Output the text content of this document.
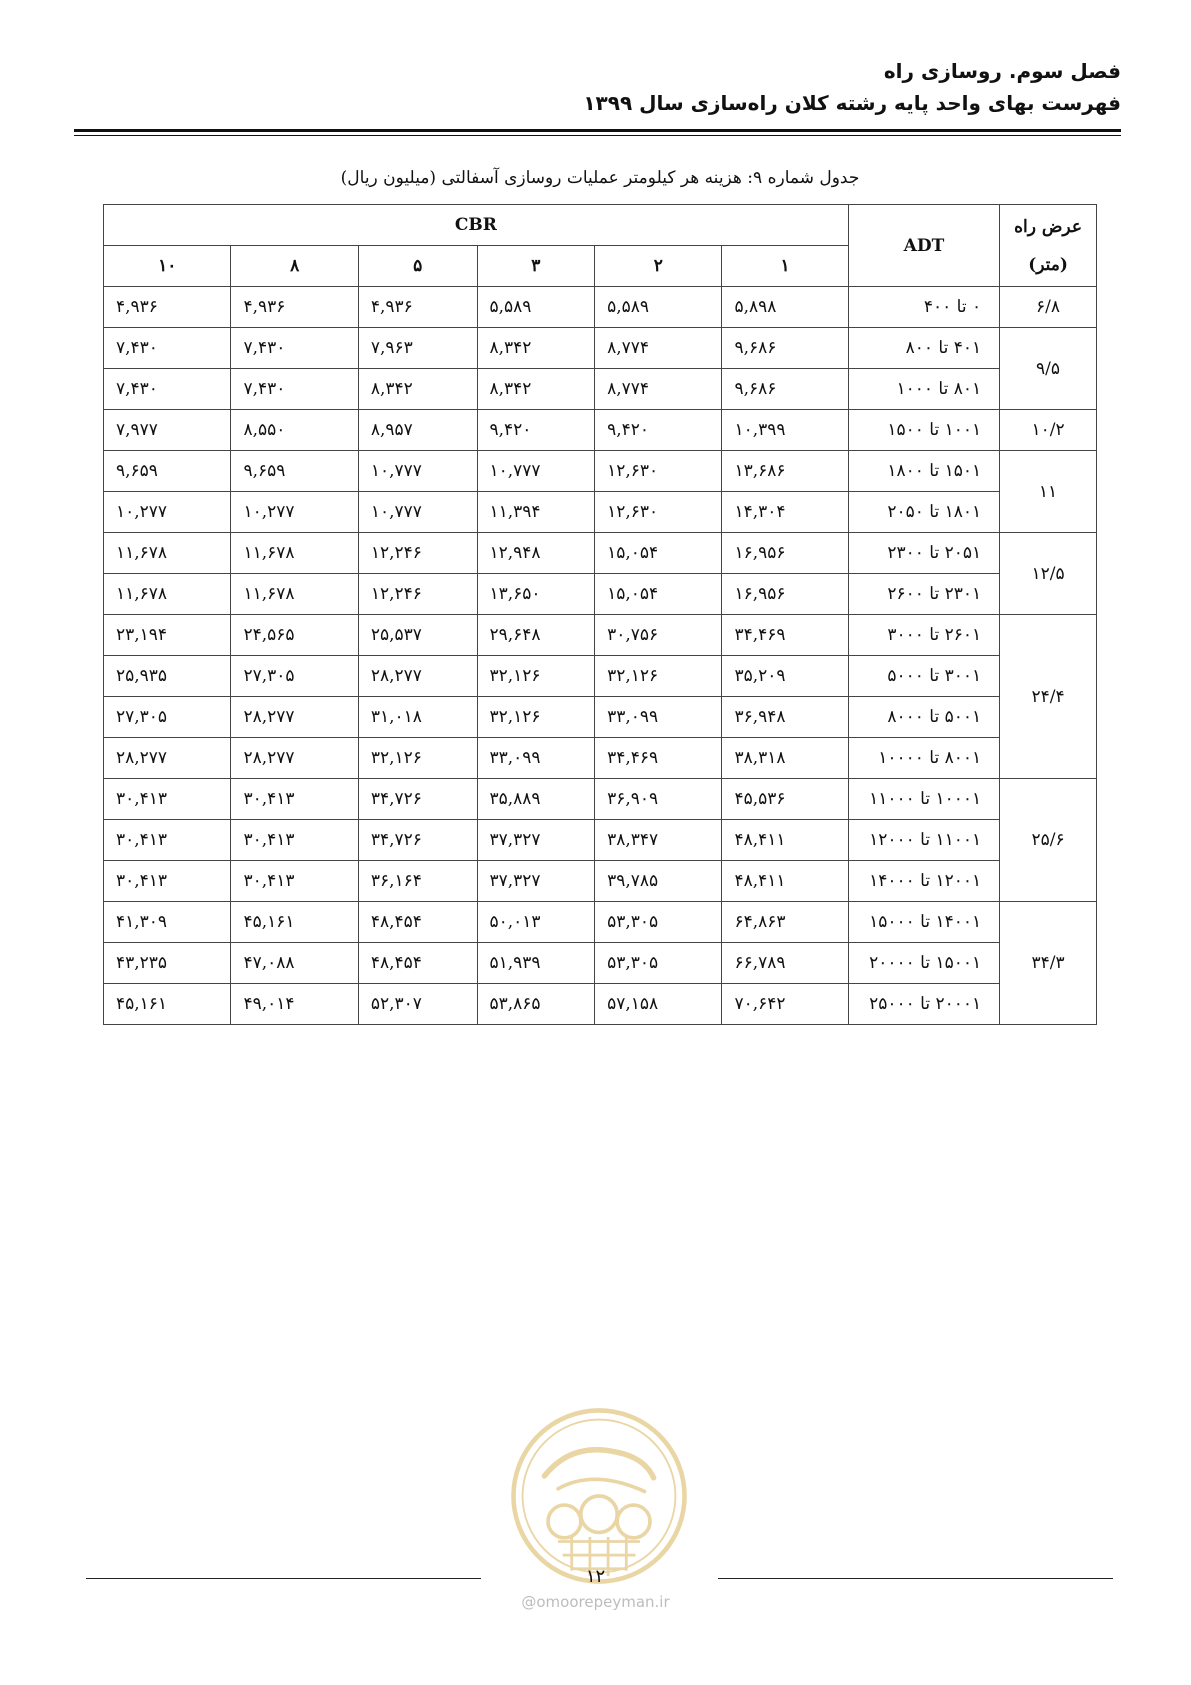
فصل سوم. روسازی راه
فهرست بهای واحد پایه رشته کلان راه‌سازی سال ۱۳۹۹
جدول شماره ۹: هزینه هر کیلومتر عملیات روسازی آسفالتی (میلیون ریال)
عرض راه
(متر)	ADT	CBR					
		۱	۲	۳	۵	۸	۱۰
۶/۸	۰ تا ۴۰۰	۵,۸۹۸	۵,۵۸۹	۵,۵۸۹	۴,۹۳۶	۴,۹۳۶	۴,۹۳۶
۹/۵	۴۰۱ تا ۸۰۰	۹,۶۸۶	۸,۷۷۴	۸,۳۴۲	۷,۹۶۳	۷,۴۳۰	۷,۴۳۰
	۸۰۱ تا ۱۰۰۰	۹,۶۸۶	۸,۷۷۴	۸,۳۴۲	۸,۳۴۲	۷,۴۳۰	۷,۴۳۰
۱۰/۲	۱۰۰۱ تا ۱۵۰۰	۱۰,۳۹۹	۹,۴۲۰	۹,۴۲۰	۸,۹۵۷	۸,۵۵۰	۷,۹۷۷
۱۱	۱۵۰۱ تا ۱۸۰۰	۱۳,۶۸۶	۱۲,۶۳۰	۱۰,۷۷۷	۱۰,۷۷۷	۹,۶۵۹	۹,۶۵۹
	۱۸۰۱ تا ۲۰۵۰	۱۴,۳۰۴	۱۲,۶۳۰	۱۱,۳۹۴	۱۰,۷۷۷	۱۰,۲۷۷	۱۰,۲۷۷
۱۲/۵	۲۰۵۱ تا ۲۳۰۰	۱۶,۹۵۶	۱۵,۰۵۴	۱۲,۹۴۸	۱۲,۲۴۶	۱۱,۶۷۸	۱۱,۶۷۸
	۲۳۰۱ تا ۲۶۰۰	۱۶,۹۵۶	۱۵,۰۵۴	۱۳,۶۵۰	۱۲,۲۴۶	۱۱,۶۷۸	۱۱,۶۷۸
۲۴/۴	۲۶۰۱ تا ۳۰۰۰	۳۴,۴۶۹	۳۰,۷۵۶	۲۹,۶۴۸	۲۵,۵۳۷	۲۴,۵۶۵	۲۳,۱۹۴
	۳۰۰۱ تا ۵۰۰۰	۳۵,۲۰۹	۳۲,۱۲۶	۳۲,۱۲۶	۲۸,۲۷۷	۲۷,۳۰۵	۲۵,۹۳۵
	۵۰۰۱ تا ۸۰۰۰	۳۶,۹۴۸	۳۳,۰۹۹	۳۲,۱۲۶	۳۱,۰۱۸	۲۸,۲۷۷	۲۷,۳۰۵
	۸۰۰۱ تا ۱۰۰۰۰	۳۸,۳۱۸	۳۴,۴۶۹	۳۳,۰۹۹	۳۲,۱۲۶	۲۸,۲۷۷	۲۸,۲۷۷
۲۵/۶	۱۰۰۰۱ تا ۱۱۰۰۰	۴۵,۵۳۶	۳۶,۹۰۹	۳۵,۸۸۹	۳۴,۷۲۶	۳۰,۴۱۳	۳۰,۴۱۳
	۱۱۰۰۱ تا ۱۲۰۰۰	۴۸,۴۱۱	۳۸,۳۴۷	۳۷,۳۲۷	۳۴,۷۲۶	۳۰,۴۱۳	۳۰,۴۱۳
	۱۲۰۰۱ تا ۱۴۰۰۰	۴۸,۴۱۱	۳۹,۷۸۵	۳۷,۳۲۷	۳۶,۱۶۴	۳۰,۴۱۳	۳۰,۴۱۳
۳۴/۳	۱۴۰۰۱ تا ۱۵۰۰۰	۶۴,۸۶۳	۵۳,۳۰۵	۵۰,۰۱۳	۴۸,۴۵۴	۴۵,۱۶۱	۴۱,۳۰۹
	۱۵۰۰۱ تا ۲۰۰۰۰	۶۶,۷۸۹	۵۳,۳۰۵	۵۱,۹۳۹	۴۸,۴۵۴	۴۷,۰۸۸	۴۳,۲۳۵
	۲۰۰۰۱ تا ۲۵۰۰۰	۷۰,۶۴۲	۵۷,۱۵۸	۵۳,۸۶۵	۵۲,۳۰۷	۴۹,۰۱۴	۴۵,۱۶۱
۱۲
@omoorepeyman.ir
